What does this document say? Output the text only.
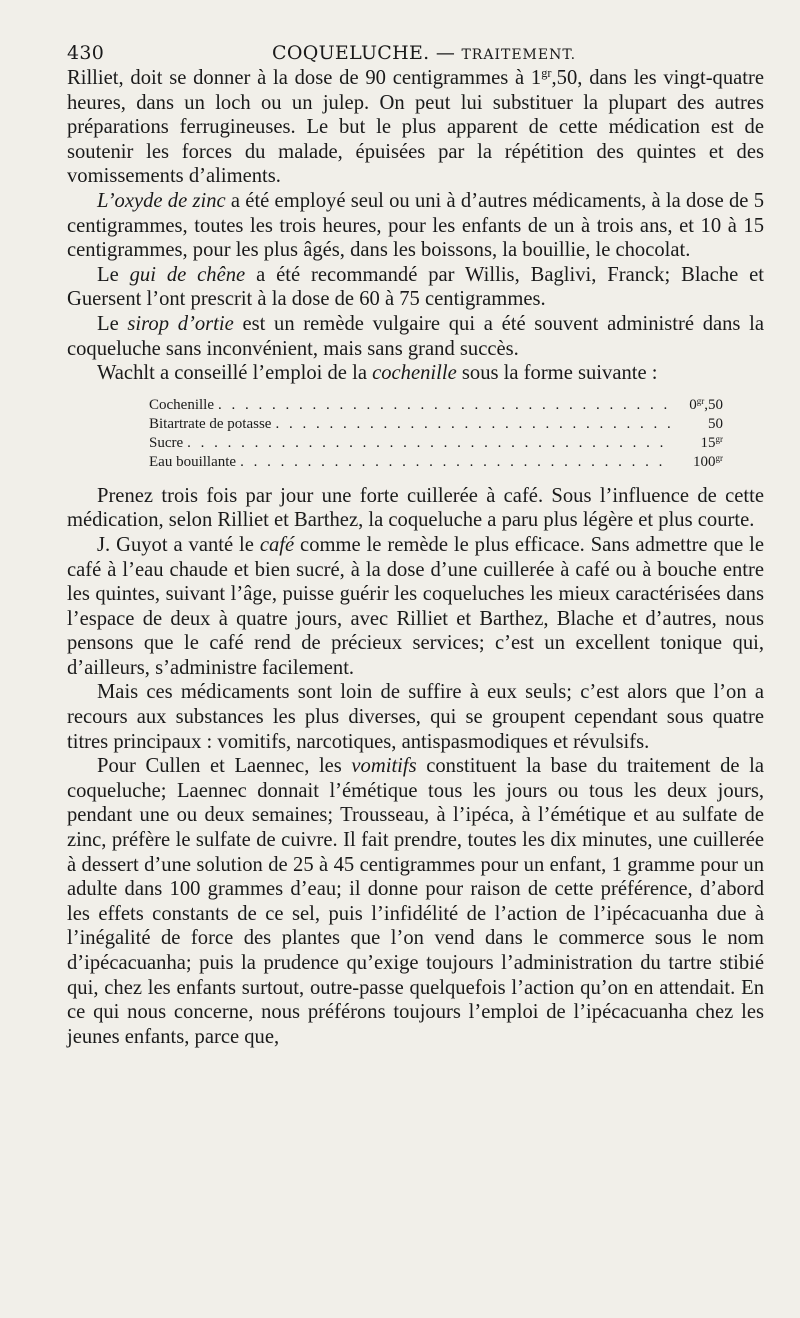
430	COQUELUCHE. — TRAITEMENT.

Rilliet, doit se donner à la dose de 90 centigrammes à $1^{gr},50$, dans les vingt-quatre heures, dans un loch ou un julep. On peut lui substituer la plupart des autres préparations ferrugineuses. Le but le plus apparent de cette médication est de soutenir les forces du malade, épuisées par la répétition des quintes et des vomissements d’aliments.

L’oxyde de zinc a été employé seul ou uni à d’autres médicaments, à la dose de 5 centigrammes, toutes les trois heures, pour les enfants de un à trois ans, et 10 à 15 centigrammes, pour les plus âgés, dans les boissons, la bouillie, le chocolat.

Le gui de chêne a été recommandé par Willis, Baglivi, Franck; Blache et Guersent l’ont prescrit à la dose de 60 à 75 centigrammes.

Le sirop d’ortie est un remède vulgaire qui a été souvent administré dans la coqueluche sans inconvénient, mais sans grand succès.

Wachlt a conseillé l’emploi de la cochenille sous la forme suivante :

Cochenille . . .	$0^{gr},50$
Bitartrate de potasse . . .	50
Sucre . . .	$15^{gr}$
Eau bouillante . . .	$100^{gr}$

Prenez trois fois par jour une forte cuillerée à café. Sous l’influence de cette médication, selon Rilliet et Barthez, la coqueluche a paru plus légère et plus courte.

J. Guyot a vanté le café comme le remède le plus efficace. Sans admettre que le café à l’eau chaude et bien sucré, à la dose d’une cuillerée à café ou à bouche entre les quintes, suivant l’âge, puisse guérir les coqueluches les mieux caractérisées dans l’espace de deux à quatre jours, avec Rilliet et Barthez, Blache et d’autres, nous pensons que le café rend de précieux services; c’est un excellent tonique qui, d’ailleurs, s’administre facilement.

Mais ces médicaments sont loin de suffire à eux seuls; c’est alors que l’on a recours aux substances les plus diverses, qui se groupent cependant sous quatre titres principaux : vomitifs, narcotiques, antispasmodiques et révulsifs.

Pour Cullen et Laennec, les vomitifs constituent la base du traitement de la coqueluche; Laennec donnait l’émétique tous les jours ou tous les deux jours, pendant une ou deux semaines; Trousseau, à l’ipéca, à l’émétique et au sulfate de zinc, préfère le sulfate de cuivre. Il fait prendre, toutes les dix minutes, une cuillerée à dessert d’une solution de 25 à 45 centigrammes pour un enfant, 1 gramme pour un adulte dans 100 grammes d’eau; il donne pour raison de cette préférence, d’abord les effets constants de ce sel, puis l’infidélité de l’action de l’ipécacuanha due à l’inégalité de force des plantes que l’on vend dans le commerce sous le nom d’ipécacuanha; puis la prudence qu’exige toujours l’administration du tartre stibié qui, chez les enfants surtout, outre-passe quelquefois l’action qu’on en attendait. En ce qui nous concerne, nous préférons toujours l’emploi de l’ipécacuanha chez les jeunes enfants, parce que,
